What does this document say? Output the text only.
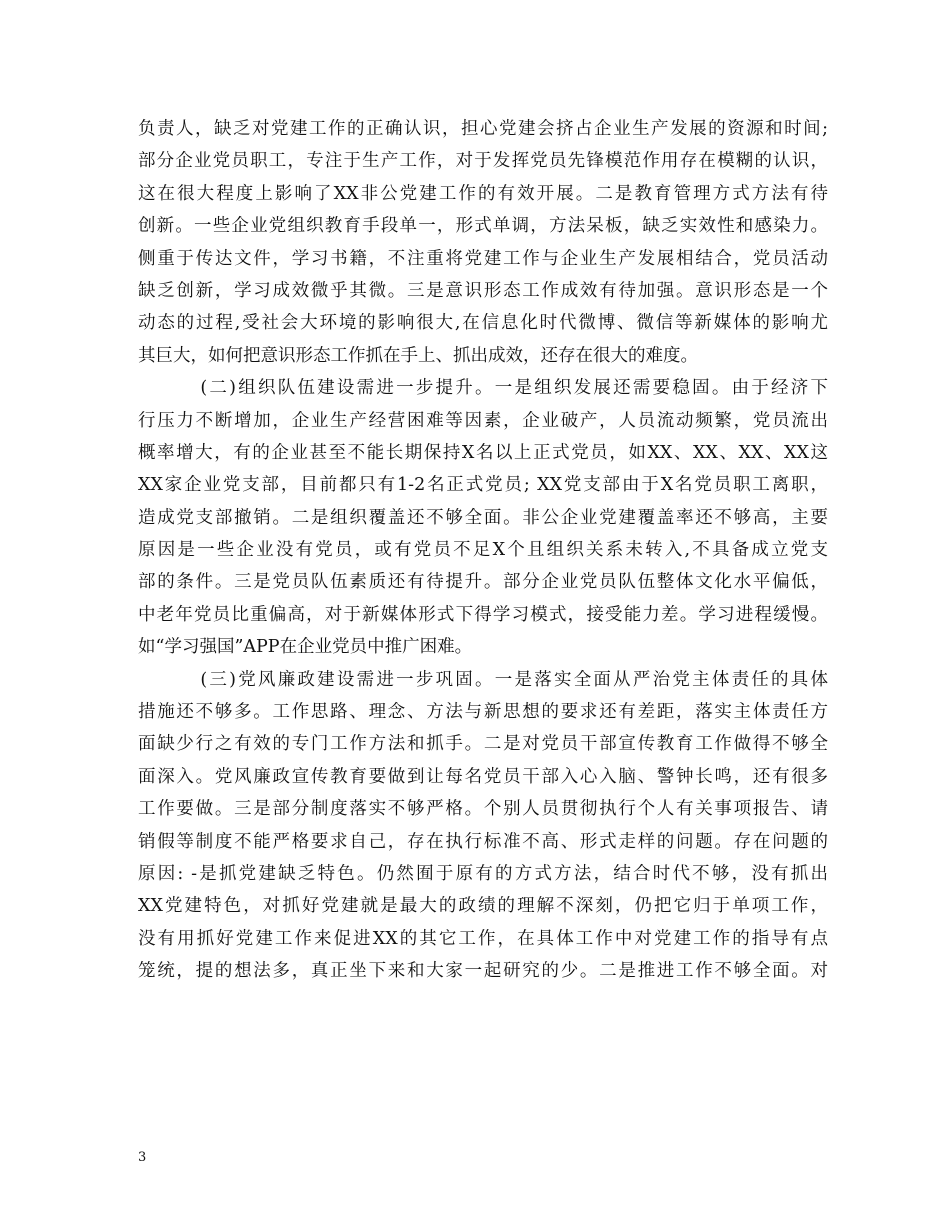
负责人，缺乏对党建工作的正确认识，担心党建会挤占企业生产发展的资源和时间;
部分企业党员职工，专注于生产工作，对于发挥党员先锋模范作用存在模糊的认识，
这在很大程度上影响了XX非公党建工作的有效开展。二是教育管理方式方法有待
创新。一些企业党组织教育手段单一，形式单调，方法呆板，缺乏实效性和感染力。
侧重于传达文件，学习书籍，不注重将党建工作与企业生产发展相结合，党员活动
缺乏创新，学习成效微乎其微。三是意识形态工作成效有待加强。意识形态是一个
动态的过程,受社会大环境的影响很大,在信息化时代微博、微信等新媒体的影响尤
其巨大，如何把意识形态工作抓在手上、抓出成效，还存在很大的难度。
(二)组织队伍建设需进一步提升。一是组织发展还需要稳固。由于经济下
行压力不断增加，企业生产经营困难等因素，企业破产，人员流动频繁，党员流出
概率增大，有的企业甚至不能长期保持X名以上正式党员，如XX、XX、XX、XX这
XX家企业党支部，目前都只有1-2名正式党员; XX党支部由于X名党员职工离职，
造成党支部撤销。二是组织覆盖还不够全面。非公企业党建覆盖率还不够高，主要
原因是一些企业没有党员，或有党员不足X个且组织关系未转入,不具备成立党支
部的条件。三是党员队伍素质还有待提升。部分企业党员队伍整体文化水平偏低，
中老年党员比重偏高，对于新媒体形式下得学习模式，接受能力差。学习进程缓慢。
如“学习强国”APP在企业党员中推广困难。
(三)党风廉政建设需进一步巩固。一是落实全面从严治党主体责任的具体
措施还不够多。工作思路、理念、方法与新思想的要求还有差距，落实主体责任方
面缺少行之有效的专门工作方法和抓手。二是对党员干部宣传教育工作做得不够全
面深入。党风廉政宣传教育要做到让每名党员干部入心入脑、警钟长鸣，还有很多
工作要做。三是部分制度落实不够严格。个别人员贯彻执行个人有关事项报告、请
销假等制度不能严格要求自己，存在执行标准不高、形式走样的问题。存在问题的
原因: -是抓党建缺乏特色。仍然囿于原有的方式方法，结合时代不够，没有抓出
XX党建特色，对抓好党建就是最大的政绩的理解不深刻，仍把它归于单项工作，
没有用抓好党建工作来促进XX的其它工作，在具体工作中对党建工作的指导有点
笼统，提的想法多，真正坐下来和大家一起研究的少。二是推进工作不够全面。对
3
